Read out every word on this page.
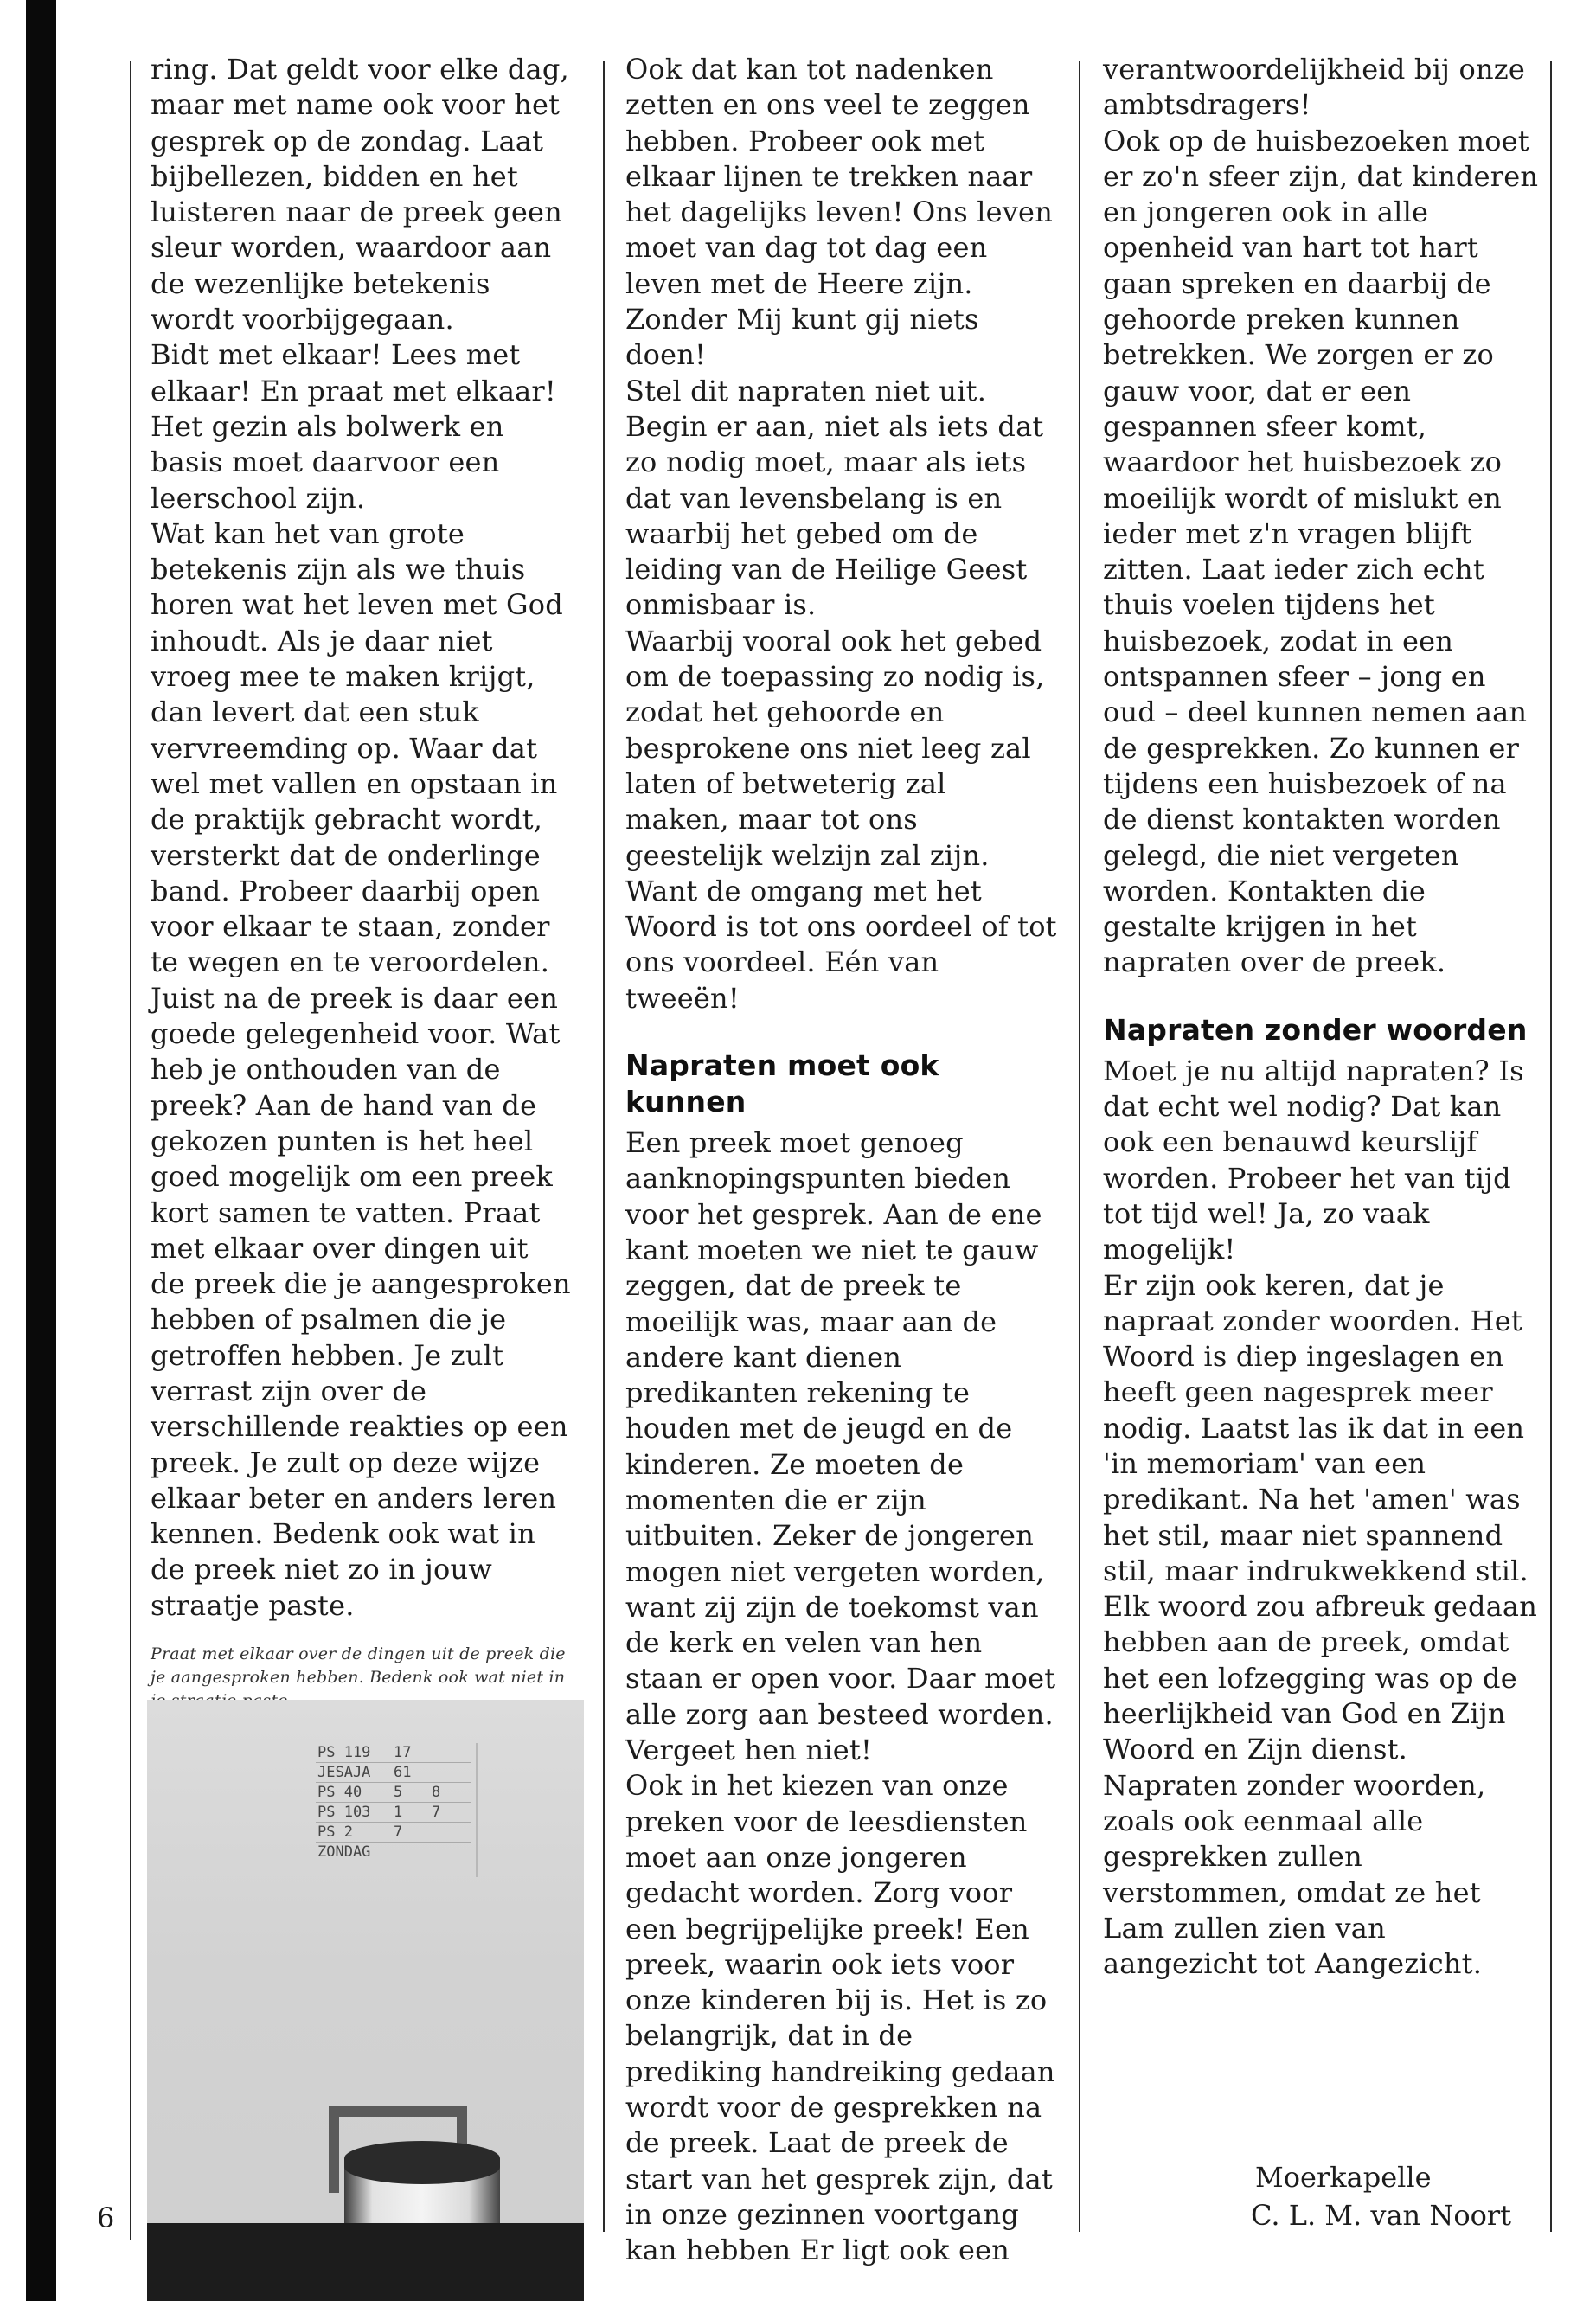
ring. Dat geldt voor elke dag, maar met name ook voor het gesprek op de zondag. Laat bijbellezen, bidden en het luisteren naar de preek geen sleur worden, waardoor aan de wezenlijke betekenis wordt voorbijgegaan.

Bidt met elkaar! Lees met elkaar! En praat met elkaar! Het gezin als bolwerk en basis moet daarvoor een leerschool zijn.

Wat kan het van grote betekenis zijn als we thuis horen wat het leven met God inhoudt. Als je daar niet vroeg mee te maken krijgt, dan levert dat een stuk vervreemding op. Waar dat wel met vallen en opstaan in de praktijk gebracht wordt, versterkt dat de onderlinge band. Probeer daarbij open voor elkaar te staan, zonder te wegen en te veroordelen.

Juist na de preek is daar een goede gelegenheid voor. Wat heb je onthouden van de preek? Aan de hand van de gekozen punten is het heel goed mogelijk om een preek kort samen te vatten. Praat met elkaar over dingen uit de preek die je aangesproken hebben of psalmen die je getroffen hebben. Je zult verrast zijn over de verschillende reakties op een preek. Je zult op deze wijze elkaar beter en anders leren kennen. Bedenk ook wat in de preek niet zo in jouw straatje paste.

Praat met elkaar over de dingen uit de preek die je aangesproken hebben. Bedenk ook wat niet in
PS 119	17
JESAJA	61
PS 40	5	8
PS 103	1	7
PS 2	7
ZONDAG

Ook dat kan tot nadenken zetten en ons veel te zeggen hebben. Probeer ook met elkaar lijnen te trekken naar het dagelijks leven! Ons leven moet van dag tot dag een leven met de Heere zijn. Zonder Mij kunt gij niets doen!

Stel dit napraten niet uit. Begin er aan, niet als iets dat zo nodig moet, maar als iets dat van levensbelang is en waarbij het gebed om de leiding van de Heilige Geest onmisbaar is.

Waarbij vooral ook het gebed om de toepassing zo nodig is, zodat het gehoorde en besprokene ons niet leeg zal laten of betweterig zal maken, maar tot ons geestelijk welzijn zal zijn. Want de omgang met het Woord is tot ons oordeel of tot ons voordeel. Eén van tweeën!

Napraten moet ook kunnen

Een preek moet genoeg aanknopingspunten bieden voor het gesprek. Aan de ene kant moeten we niet te gauw zeggen, dat de preek te moeilijk was, maar aan de andere kant dienen predikanten rekening te houden met de jeugd en de kinderen. Ze moeten de momenten die er zijn uitbuiten. Zeker de jongeren mogen niet vergeten worden, want zij zijn de toekomst van de kerk en velen van hen staan er open voor. Daar moet alle zorg aan besteed worden. Vergeet hen niet!

Ook in het kiezen van onze preken voor de leesdiensten moet aan onze jongeren gedacht worden. Zorg voor een begrijpelijke preek! Een preek, waarin ook iets voor onze kinderen bij is. Het is zo belangrijk, dat in de prediking handreiking gedaan wordt voor de gesprekken na de preek. Laat de preek de start van het gesprek zijn, dat in onze gezinnen voortgang kan hebben Er ligt ook een

verantwoordelijkheid bij onze ambtsdragers!

Ook op de huisbezoeken moet er zo'n sfeer zijn, dat kinderen en jongeren ook in alle openheid van hart tot hart gaan spreken en daarbij de gehoorde preken kunnen betrekken. We zorgen er zo gauw voor, dat er een gespannen sfeer komt, waardoor het huisbezoek zo moeilijk wordt of mislukt en ieder met z'n vragen blijft zitten. Laat ieder zich echt thuis voelen tijdens het huisbezoek, zodat in een ontspannen sfeer – jong en oud – deel kunnen nemen aan de gesprekken. Zo kunnen er tijdens een huisbezoek of na de dienst kontakten worden gelegd, die niet vergeten worden. Kontakten die gestalte krijgen in het napraten over de preek.

Napraten zonder woorden

Moet je nu altijd napraten? Is dat echt wel nodig? Dat kan ook een benauwd keurslijf worden. Probeer het van tijd tot tijd wel! Ja, zo vaak mogelijk!

Er zijn ook keren, dat je napraat zonder woorden. Het Woord is diep ingeslagen en heeft geen nagesprek meer nodig. Laatst las ik dat in een 'in memoriam' van een predikant. Na het 'amen' was het stil, maar niet spannend stil, maar indrukwekkend stil. Elk woord zou afbreuk gedaan hebben aan de preek, omdat het een lofzegging was op de heerlijkheid van God en Zijn Woord en Zijn dienst. Napraten zonder woorden, zoals ook eenmaal alle gesprekken zullen verstommen, omdat ze het Lam zullen zien van aangezicht tot Aangezicht.

Moerkapelle

C. L. M. van Noort

6
